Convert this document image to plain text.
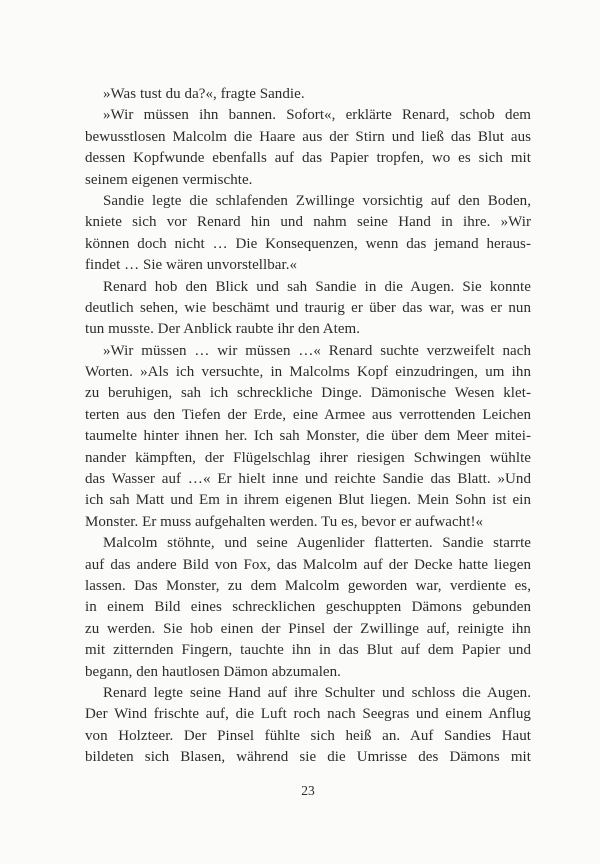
»Was tust du da?«, fragte Sandie.
»Wir müssen ihn bannen. Sofort«, erklärte Renard, schob dem
bewusstlosen Malcolm die Haare aus der Stirn und ließ das Blut aus
dessen Kopfwunde ebenfalls auf das Papier tropfen, wo es sich mit
seinem eigenen vermischte.
Sandie legte die schlafenden Zwillinge vorsichtig auf den Boden,
kniete sich vor Renard hin und nahm seine Hand in ihre. »Wir
können doch nicht … Die Konsequenzen, wenn das jemand heraus-
findet … Sie wären unvorstellbar.«
Renard hob den Blick und sah Sandie in die Augen. Sie konnte
deutlich sehen, wie beschämt und traurig er über das war, was er nun
tun musste. Der Anblick raubte ihr den Atem.
»Wir müssen … wir müssen …« Renard suchte verzweifelt nach
Worten. »Als ich versuchte, in Malcolms Kopf einzudringen, um ihn
zu beruhigen, sah ich schreckliche Dinge. Dämonische Wesen klet-
terten aus den Tiefen der Erde, eine Armee aus verrottenden Leichen
taumelte hinter ihnen her. Ich sah Monster, die über dem Meer mitei-
nander kämpften, der Flügelschlag ihrer riesigen Schwingen wühlte
das Wasser auf …« Er hielt inne und reichte Sandie das Blatt. »Und
ich sah Matt und Em in ihrem eigenen Blut liegen. Mein Sohn ist ein
Monster. Er muss aufgehalten werden. Tu es, bevor er aufwacht!«
Malcolm stöhnte, und seine Augenlider flatterten. Sandie starrte
auf das andere Bild von Fox, das Malcolm auf der Decke hatte liegen
lassen. Das Monster, zu dem Malcolm geworden war, verdiente es,
in einem Bild eines schrecklichen geschuppten Dämons gebunden
zu werden. Sie hob einen der Pinsel der Zwillinge auf, reinigte ihn
mit zitternden Fingern, tauchte ihn in das Blut auf dem Papier und
begann, den hautlosen Dämon abzumalen.
Renard legte seine Hand auf ihre Schulter und schloss die Augen.
Der Wind frischte auf, die Luft roch nach Seegras und einem Anflug
von Holzteer. Der Pinsel fühlte sich heiß an. Auf Sandies Haut
bildeten sich Blasen, während sie die Umrisse des Dämons mit
23
